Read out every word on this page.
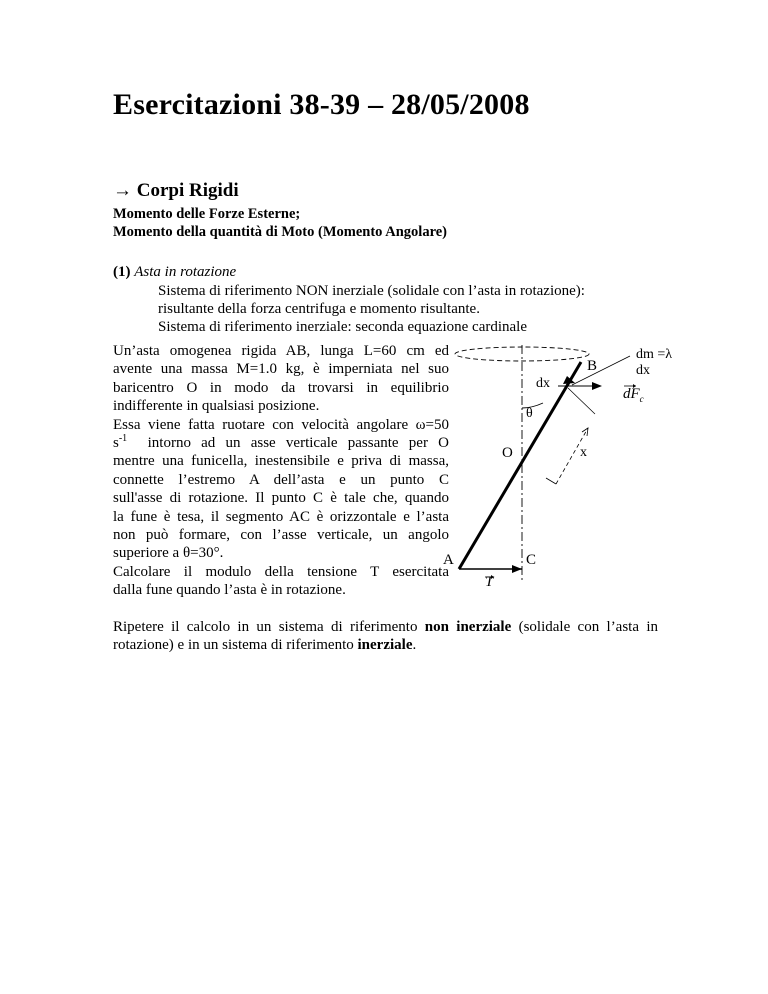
Esercitazioni 38-39 – 28/05/2008
→ Corpi Rigidi
Momento delle Forze Esterne;
Momento della quantità di Moto (Momento Angolare)
(1) Asta in rotazione
Sistema di riferimento NON inerziale (solidale con l’asta in rotazione):
risultante della forza centrifuga e momento risultante.
Sistema di riferimento inerziale: seconda equazione cardinale
Un’asta omogenea rigida AB, lunga L=60 cm ed
avente una massa M=1.0 kg, è imperniata nel suo
baricentro O in modo da trovarsi in equilibrio
indifferente in qualsiasi posizione.
Essa viene fatta ruotare con velocità angolare ω=50
$s^{-1}$ intorno ad un asse verticale passante per O
mentre una funicella, inestensibile e priva di massa,
connette l’estremo A dell’asta e un punto C
sull'asse di rotazione. Il punto C è tale che, quando
la fune è tesa, il segmento AC è orizzontale e l’asta
non può formare, con l’asse verticale, un angolo
superiore a θ=30°.
Calcolare il modulo della tensione T esercitata
dalla fune quando l’asta è in rotazione.
Ripetere il calcolo in un sistema di riferimento non inerziale (solidale con l’asta in
rotazione) e in un sistema di riferimento inerziale.
B
dm =λ dx
dx
θ
$dF_c$
O	x
A	C
T
